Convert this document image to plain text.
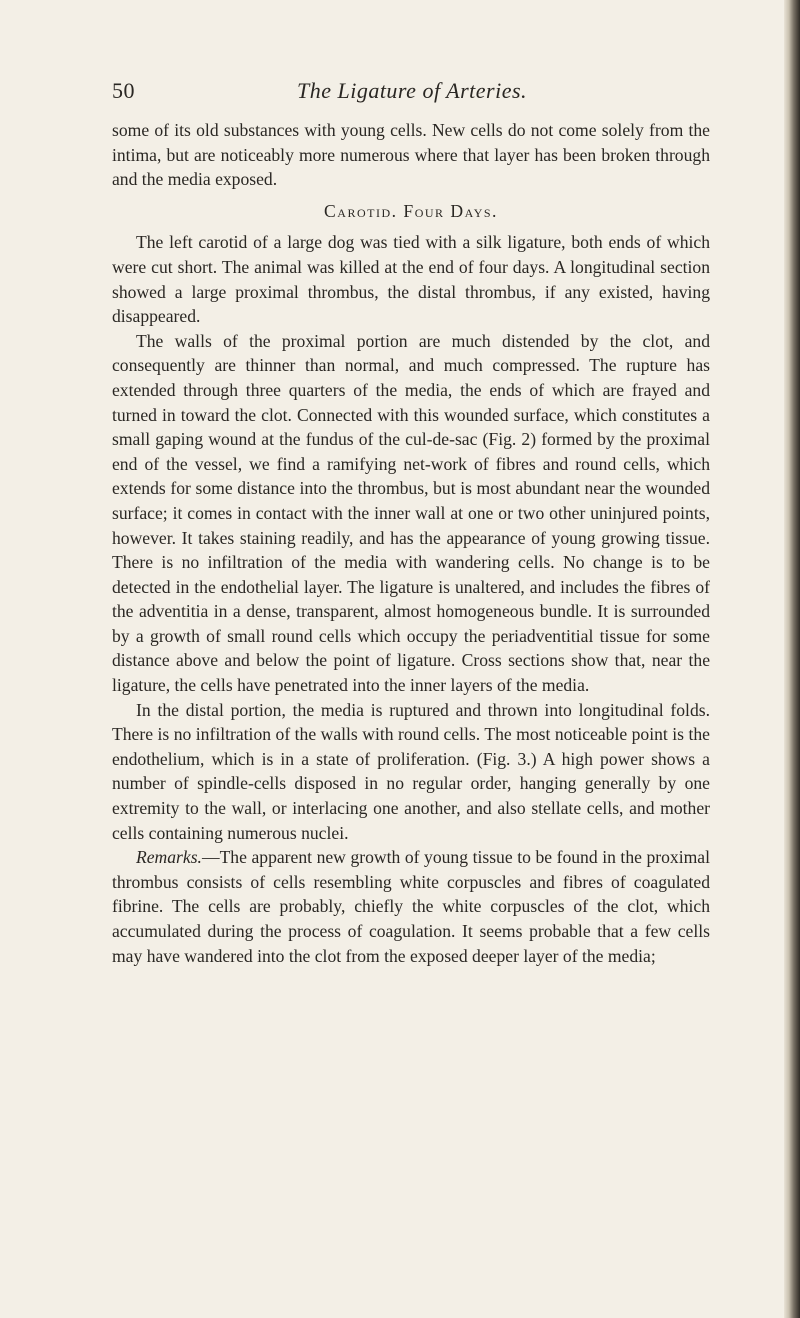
50	The Ligature of Arteries.

some of its old substances with young cells. New cells do not come solely from the intima, but are noticeably more numerous where that layer has been broken through and the media exposed.

Carotid. Four Days.

The left carotid of a large dog was tied with a silk ligature, both ends of which were cut short. The animal was killed at the end of four days. A longitudinal section showed a large proximal thrombus, the distal thrombus, if any existed, having disappeared.

The walls of the proximal portion are much distended by the clot, and consequently are thinner than normal, and much compressed. The rupture has extended through three quarters of the media, the ends of which are frayed and turned in toward the clot. Connected with this wounded surface, which constitutes a small gaping wound at the fundus of the cul-de-sac (Fig. 2) formed by the proximal end of the vessel, we find a ramifying net-work of fibres and round cells, which extends for some distance into the thrombus, but is most abundant near the wounded surface; it comes in contact with the inner wall at one or two other uninjured points, however. It takes staining readily, and has the appearance of young growing tissue. There is no infiltration of the media with wandering cells. No change is to be detected in the endothelial layer. The ligature is unaltered, and includes the fibres of the adventitia in a dense, transparent, almost homogeneous bundle. It is surrounded by a growth of small round cells which occupy the periadventitial tissue for some distance above and below the point of ligature. Cross sections show that, near the ligature, the cells have penetrated into the inner layers of the media.

In the distal portion, the media is ruptured and thrown into longitudinal folds. There is no infiltration of the walls with round cells. The most noticeable point is the endothelium, which is in a state of proliferation. (Fig. 3.) A high power shows a number of spindle-cells disposed in no regular order, hanging generally by one extremity to the wall, or interlacing one another, and also stellate cells, and mother cells containing numerous nuclei.

Remarks.—The apparent new growth of young tissue to be found in the proximal thrombus consists of cells resembling white corpuscles and fibres of coagulated fibrine. The cells are probably, chiefly the white corpuscles of the clot, which accumulated during the process of coagulation. It seems probable that a few cells may have wandered into the clot from the exposed deeper layer of the media;
